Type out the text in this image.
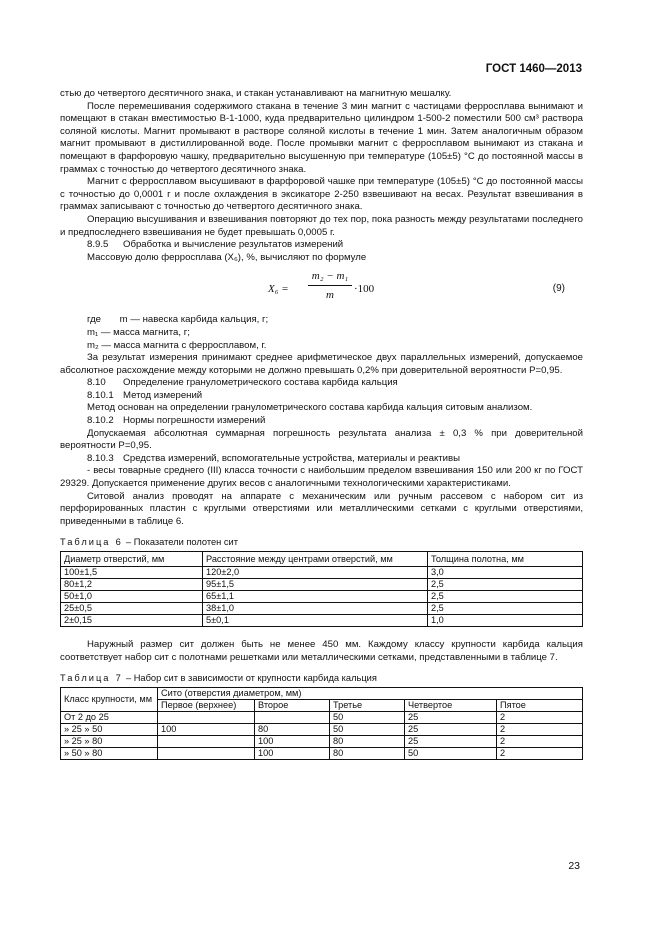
ГОСТ 1460—2013

стью до четвертого десятичного знака, и стакан устанавливают на магнитную мешалку.

После перемешивания содержимого стакана в течение 3 мин магнит с частицами ферросплава вынимают и помещают в стакан вместимостью В-1-1000, куда предварительно цилиндром 1-500-2 поместили 500 см³ раствора соляной кислоты. Магнит промывают в растворе соляной кислоты в течение 1 мин. Затем аналогичным образом магнит промывают в дистиллированной воде. После промывки магнит с ферросплавом вынимают из стакана и помещают в фарфоровую чашку, предварительно высушенную при температуре (105±5) °С до постоянной массы в граммах с точностью до четвертого десятичного знака.

Магнит с ферросплавом высушивают в фарфоровой чашке при температуре (105±5) °С до постоянной массы с точностью до 0,0001 г и после охлаждения в эксикаторе 2-250 взвешивают на весах. Результат взвешивания в граммах записывают с точностью до четвертого десятичного знака.

Операцию высушивания и взвешивания повторяют до тех пор, пока разность между результатами последнего и предпоследнего взвешивания не будет превышать 0,0005 г.

8.9.5 Обработка и вычисление результатов измерений

Массовую долю ферросплава (Х₆), %, вычисляют по формуле

$X_6 = \frac{\text{m₂ − m₁}}{m} \cdot 100$	(9)

где m — навеска карбида кальция, г;

m₁ — масса магнита, г;

m₂ — масса магнита с ферросплавом, г.

За результат измерения принимают среднее арифметическое двух параллельных измерений, допускаемое абсолютное расхождение между которыми не должно превышать 0,2% при доверительной вероятности Р=0,95.

8.10 Определение гранулометрического состава карбида кальция

8.10.1 Метод измерений

Метод основан на определении гранулометрического состава карбида кальция ситовым анализом.

8.10.2 Нормы погрешности измерений

Допускаемая абсолютная суммарная погрешность результата анализа ± 0,3 % при доверительной вероятности Р=0,95.

8.10.3 Средства измерений, вспомогательные устройства, материалы и реактивы

- весы товарные среднего (III) класса точности с наибольшим пределом взвешивания 150 или 200 кг по ГОСТ 29329. Допускается применение других весов с аналогичными технологическими характеристиками.

Ситовой анализ проводят на аппарате с механическим или ручным рассевом с набором сит из перфорированных пластин с круглыми отверстиями или металлическими сетками с круглыми отверстиями, приведенными в таблице 6.

Таблица 6 – Показатели полотен сит
Диаметр отверстий, мм	Расстояние между центрами отверстий, мм	Толщина полотна, мм
100±1,5	120±2,0	3,0
80±1,2	95±1,5	2,5
50±1,0	65±1,1	2,5
25±0,5	38±1,0	2,5
2±0,15	5±0,1	1,0

Наружный размер сит должен быть не менее 450 мм. Каждому классу крупности карбида кальция соответствует набор сит с полотнами решетками или металлическими сетками, представленными в таблице 7.

Таблица 7 – Набор сит в зависимости от крупности карбида кальция
Класс крупности, мм	Сито (отверстия диаметром, мм)				
	Первое (верхнее)	Второе	Третье	Четвертое	Пятое
От 2 до 25			50	25	2
» 25 » 50	100	80	50	25	2
» 25 » 80		100	80	25	2
» 50 » 80		100	80	50	2
23
